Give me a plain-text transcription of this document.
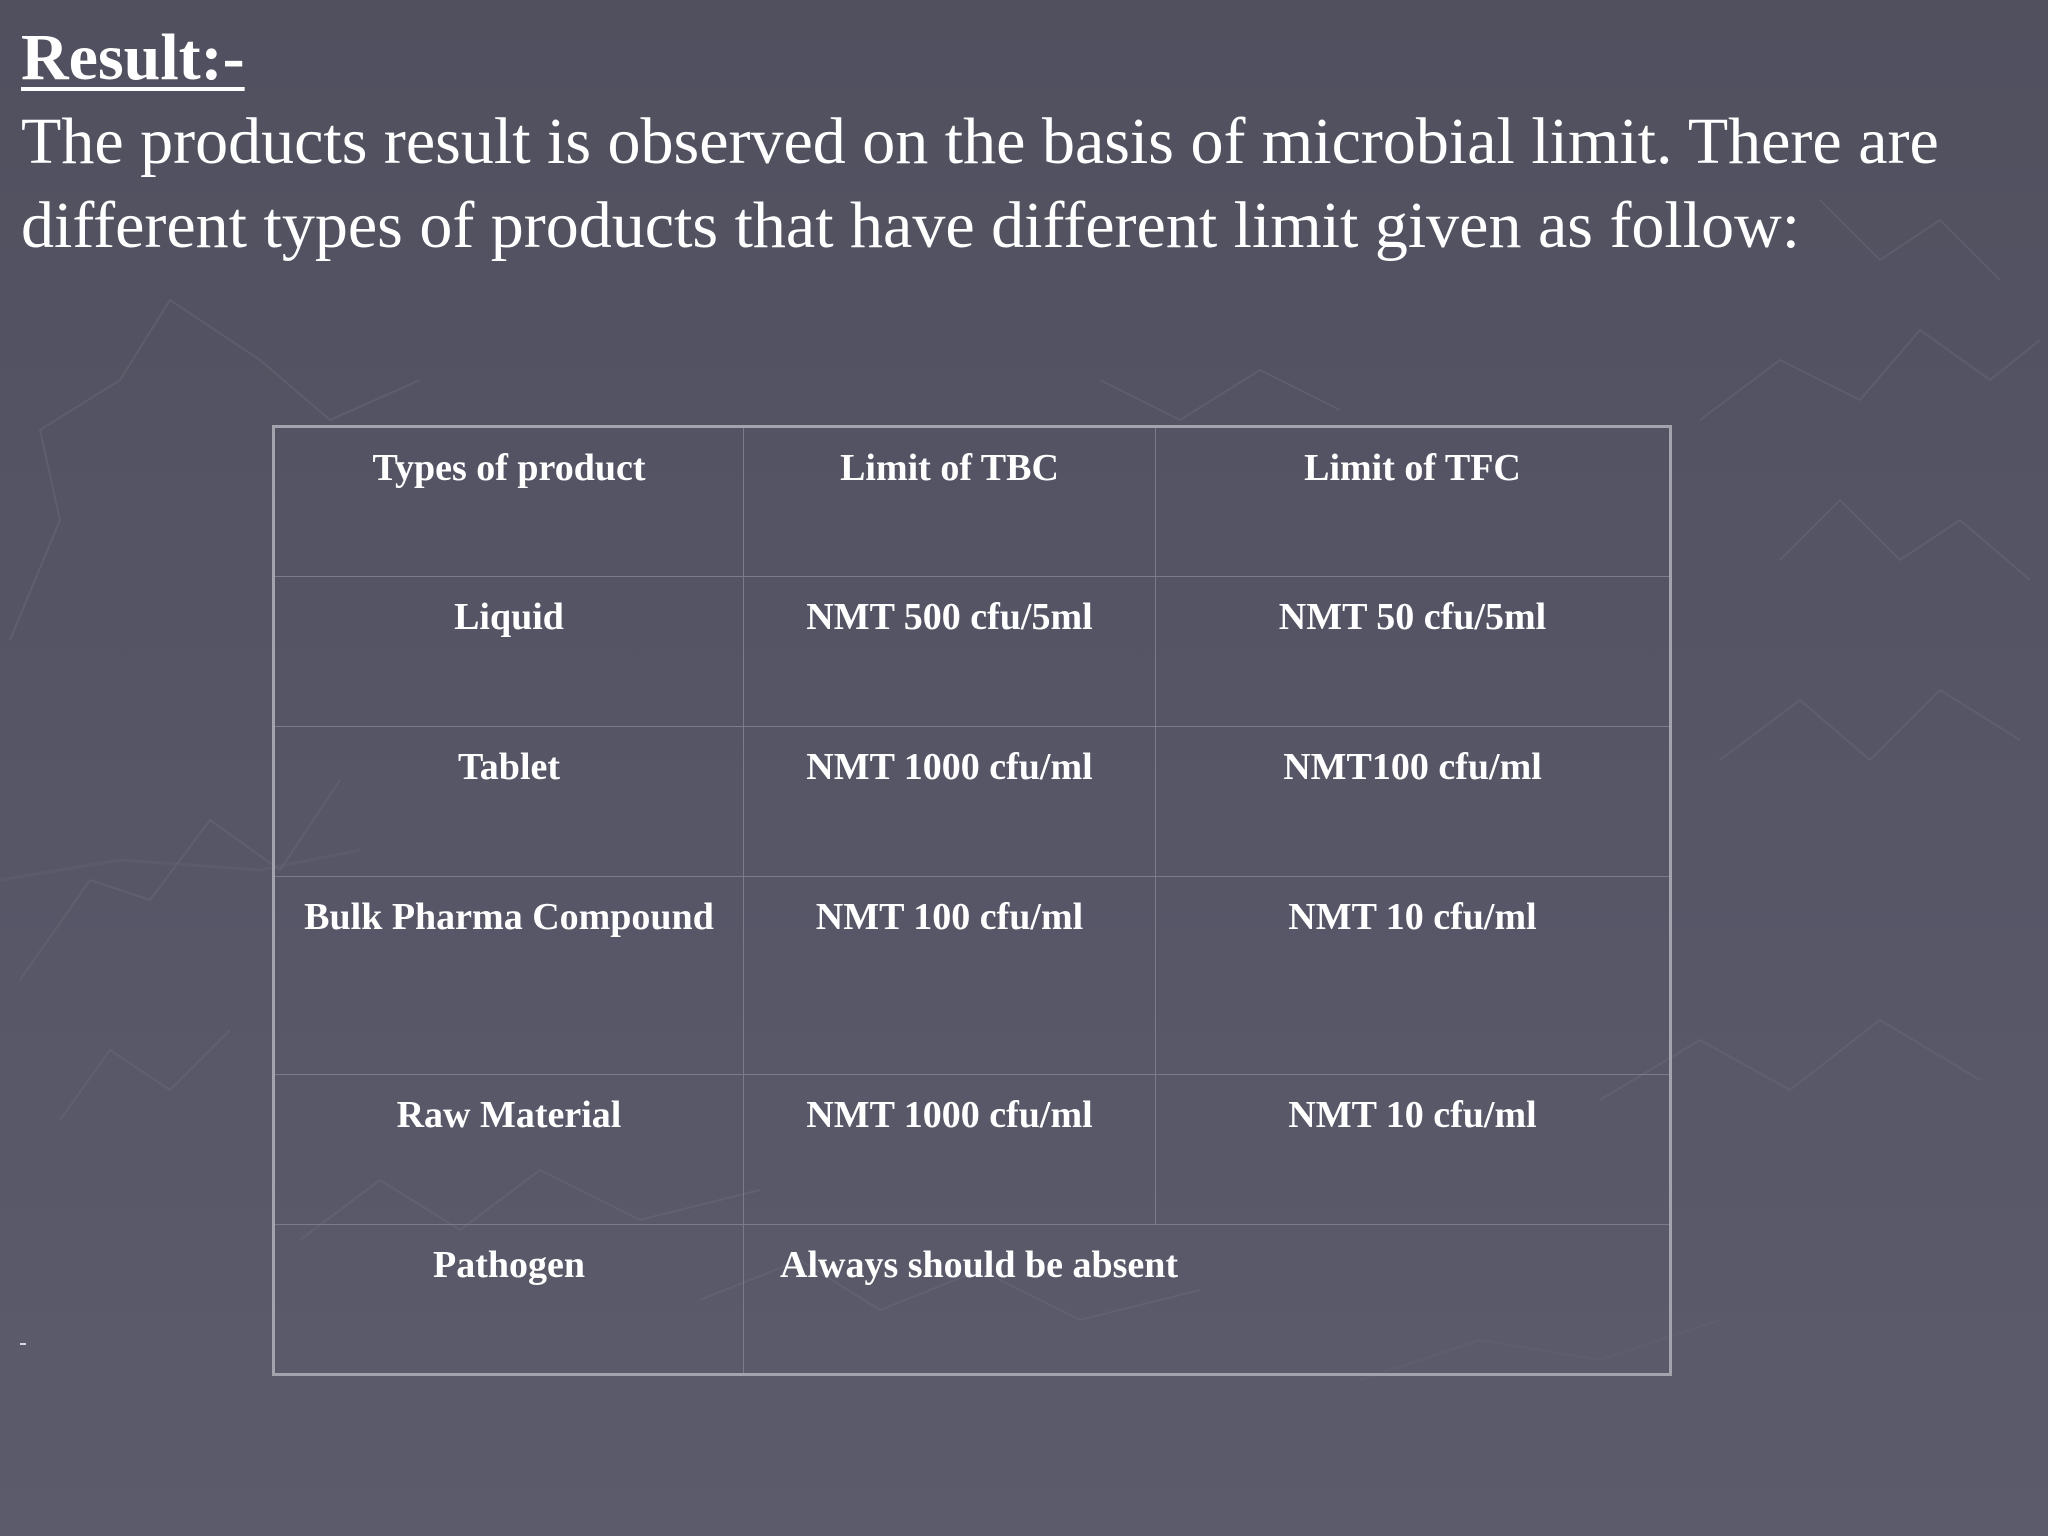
Result:-

The products result is observed on the basis of microbial limit. There are different types of products that have different limit given as follow:

Types of product	Limit of TBC	Limit of TFC
Liquid	NMT 500 cfu/5ml	NMT 50 cfu/5ml
Tablet	NMT 1000 cfu/ml	NMT100 cfu/ml
Bulk Pharma Compound	NMT 100 cfu/ml	NMT 10 cfu/ml
Raw Material	NMT 1000 cfu/ml	NMT 10 cfu/ml
Pathogen	Always should be absent	
